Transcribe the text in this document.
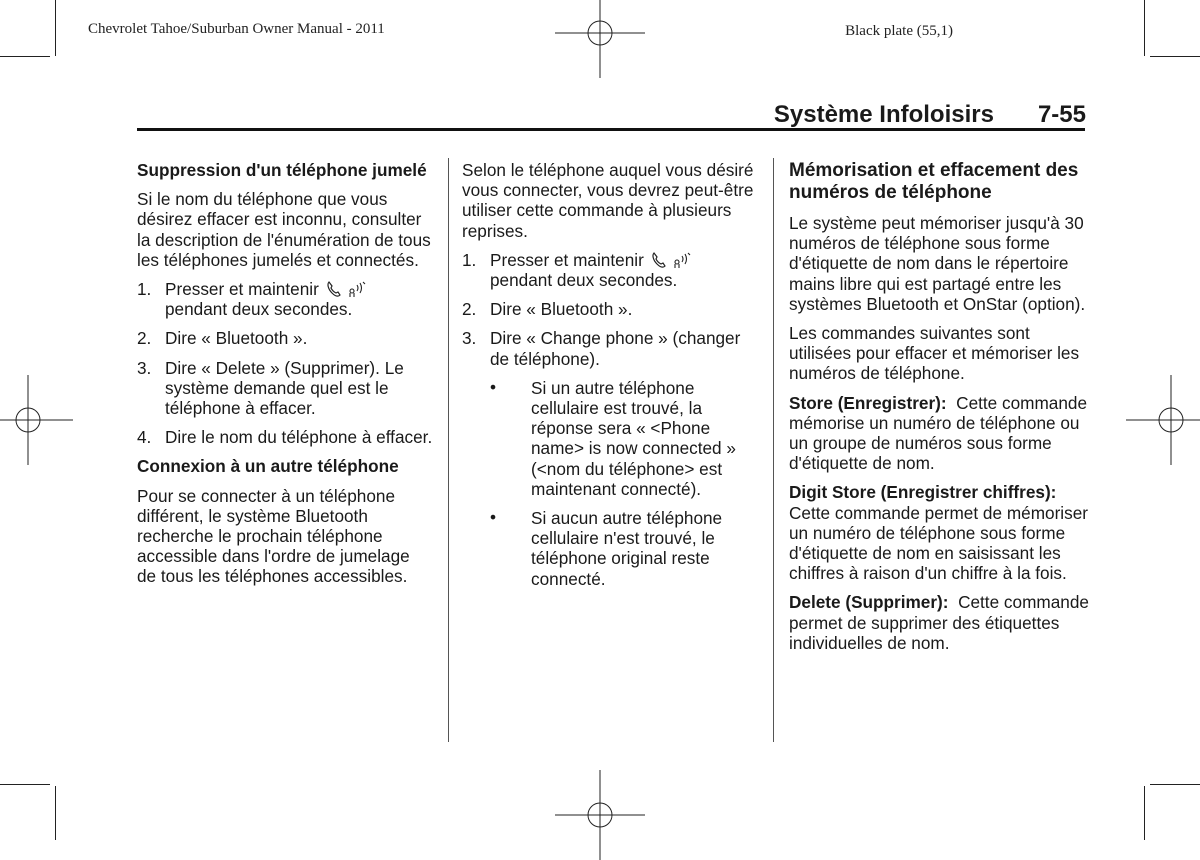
Chevrolet Tahoe/Suburban Owner Manual - 2011	Black plate (55,1)
Système Infoloisirs 7-55
Suppression d'un téléphone jumelé

Si le nom du téléphone que vous désirez effacer est inconnu, consulter la description de l'énumération de tous les téléphones jumelés et connectés.

1. Presser et maintenir
pendant deux secondes.
2. Dire « Bluetooth ».
3. Dire « Delete » (Supprimer). Le système demande quel est le téléphone à effacer.
4. Dire le nom du téléphone à effacer.
Connexion à un autre téléphone

Pour se connecter à un téléphone différent, le système Bluetooth recherche le prochain téléphone accessible dans l'ordre de jumelage de tous les téléphones accessibles.

Selon le téléphone auquel vous désiré vous connecter, vous devrez peut-être utiliser cette commande à plusieurs reprises.

1. Presser et maintenir
pendant deux secondes.
2. Dire « Bluetooth ».
3. Dire « Change phone » (changer de téléphone).
• Si un autre téléphone cellulaire est trouvé, la réponse sera « <Phone name> is now connected » (<nom du téléphone> est maintenant connecté).
• Si aucun autre téléphone cellulaire n'est trouvé, le téléphone original reste connecté.
Mémorisation et effacement des numéros de téléphone

Le système peut mémoriser jusqu'à 30 numéros de téléphone sous forme d'étiquette de nom dans le répertoire mains libre qui est partagé entre les systèmes Bluetooth et OnStar (option).

Les commandes suivantes sont utilisées pour effacer et mémoriser les numéros de téléphone.

Store (Enregistrer): Cette commande mémorise un numéro de téléphone ou un groupe de numéros sous forme d'étiquette de nom.

Digit Store (Enregistrer chiffres): Cette commande permet de mémoriser un numéro de téléphone sous forme d'étiquette de nom en saisissant les chiffres à raison d'un chiffre à la fois.

Delete (Supprimer): Cette commande permet de supprimer des étiquettes individuelles de nom.
